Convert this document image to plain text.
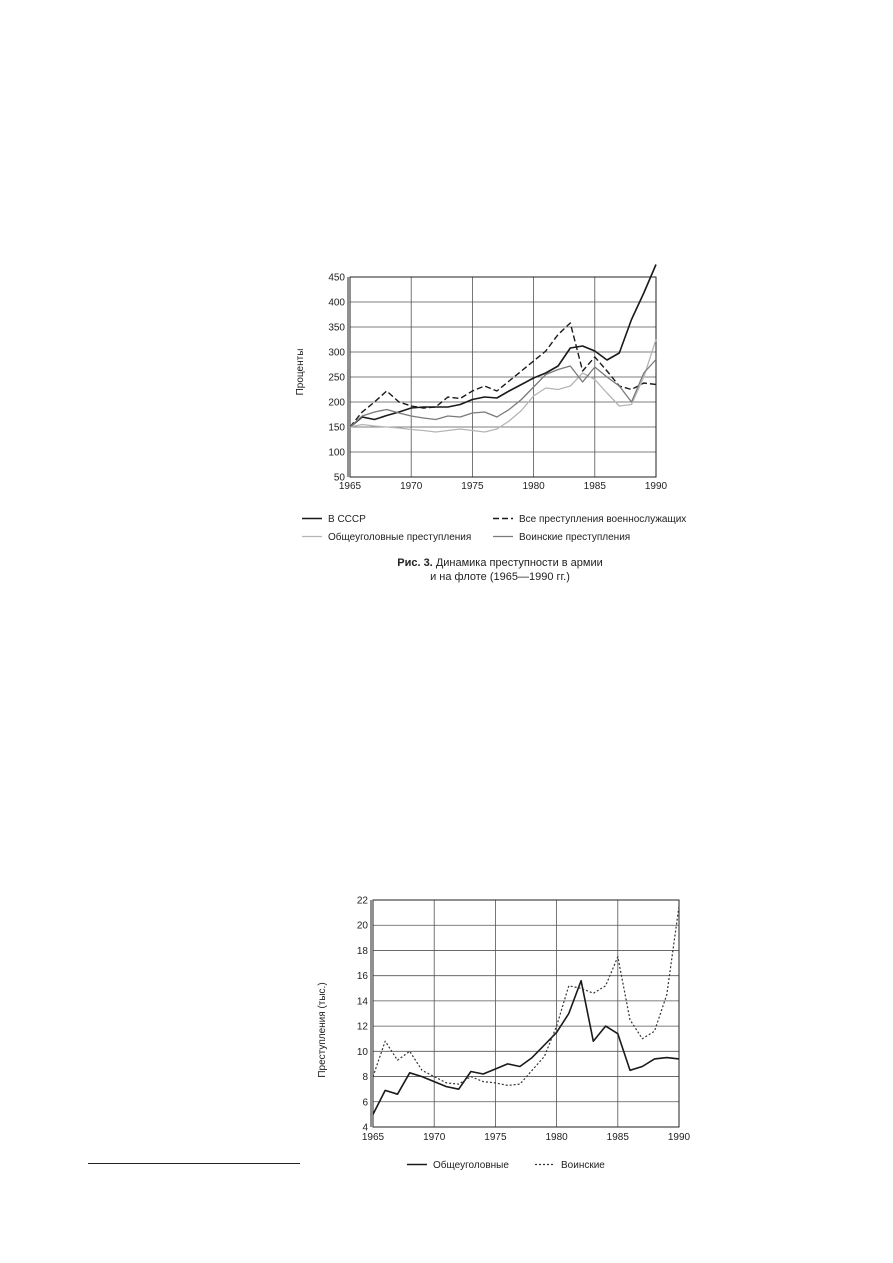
450
400
350
300
250
200
150
100
50
1965	1970	1975	1980	1985	1990
Проценты
В СССР	Все преступления военнослужащих
Общеуголовные преступления	Воинские преступления
22
20
18
16
14
12
10
8
6
4
1965	1970	1975	1980	1985	1990
Преступления (тыс.)
Общеуголовные	Воинские
Рис. 3. Динамика преступности в армии
и на флоте (1965—1990 гг.)
